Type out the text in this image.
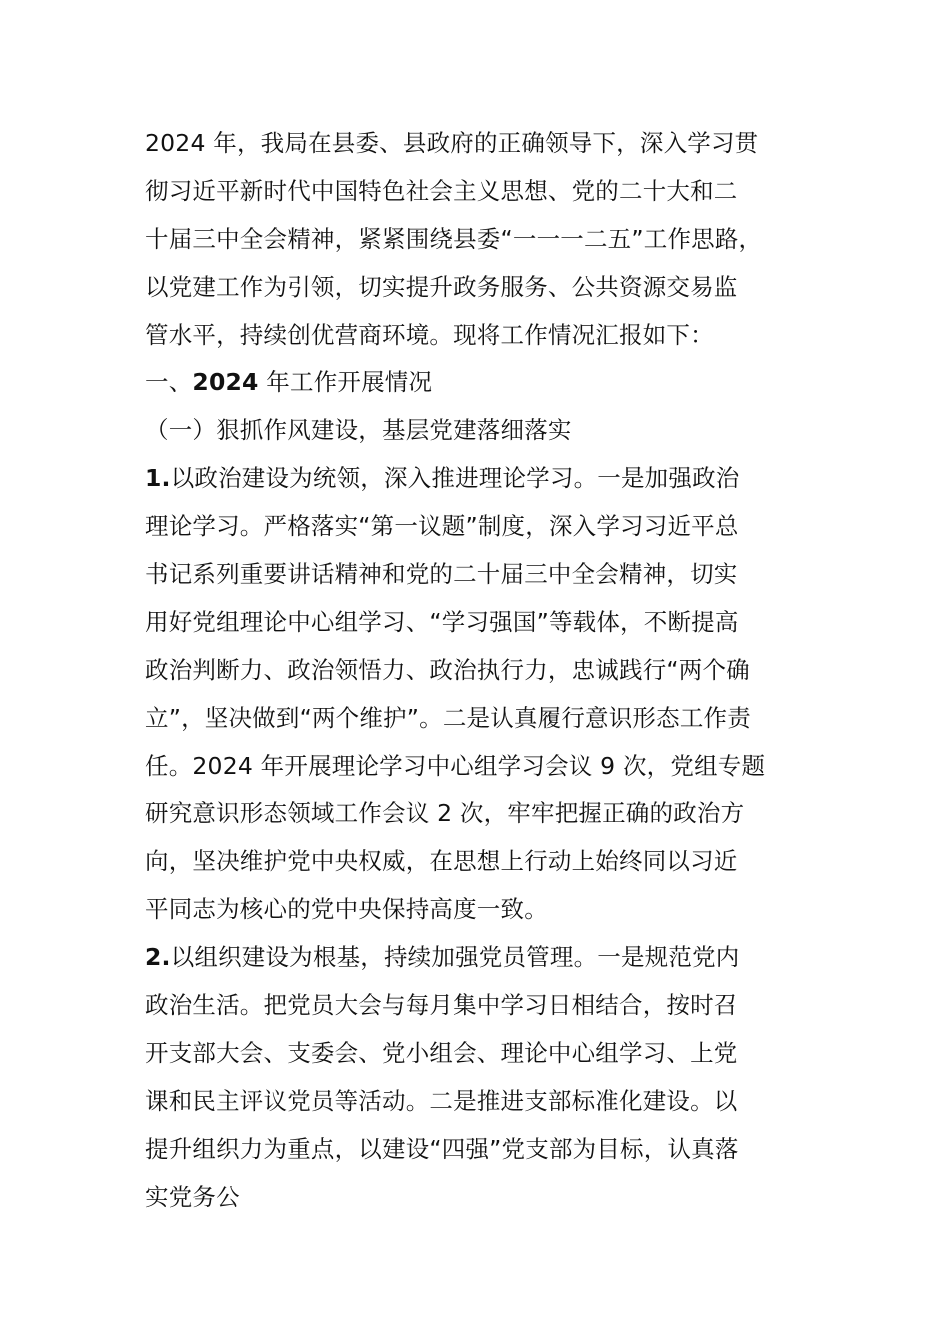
2024 年，我局在县委、县政府的正确领导下，深入学习贯
彻习近平新时代中国特色社会主义思想、党的二十大和二
十届三中全会精神，紧紧围绕县委“一一一二五”工作思路，
以党建工作为引领，切实提升政务服务、公共资源交易监
管水平，持续创优营商环境。现将工作情况汇报如下：
一、2024 年工作开展情况
（一）狠抓作风建设，基层党建落细落实
1.以政治建设为统领，深入推进理论学习。一是加强政治
理论学习。严格落实“第一议题”制度，深入学习习近平总
书记系列重要讲话精神和党的二十届三中全会精神，切实
用好党组理论中心组学习、“学习强国”等载体，不断提高
政治判断力、政治领悟力、政治执行力，忠诚践行“两个确
立”，坚决做到“两个维护”。二是认真履行意识形态工作责
任。2024 年开展理论学习中心组学习会议 9 次，党组专题
研究意识形态领域工作会议 2 次，牢牢把握正确的政治方
向，坚决维护党中央权威，在思想上行动上始终同以习近
平同志为核心的党中央保持高度一致。
2.以组织建设为根基，持续加强党员管理。一是规范党内
政治生活。把党员大会与每月集中学习日相结合，按时召
开支部大会、支委会、党小组会、理论中心组学习、上党
课和民主评议党员等活动。二是推进支部标准化建设。以
提升组织力为重点，以建设“四强”党支部为目标，认真落
实党务公
